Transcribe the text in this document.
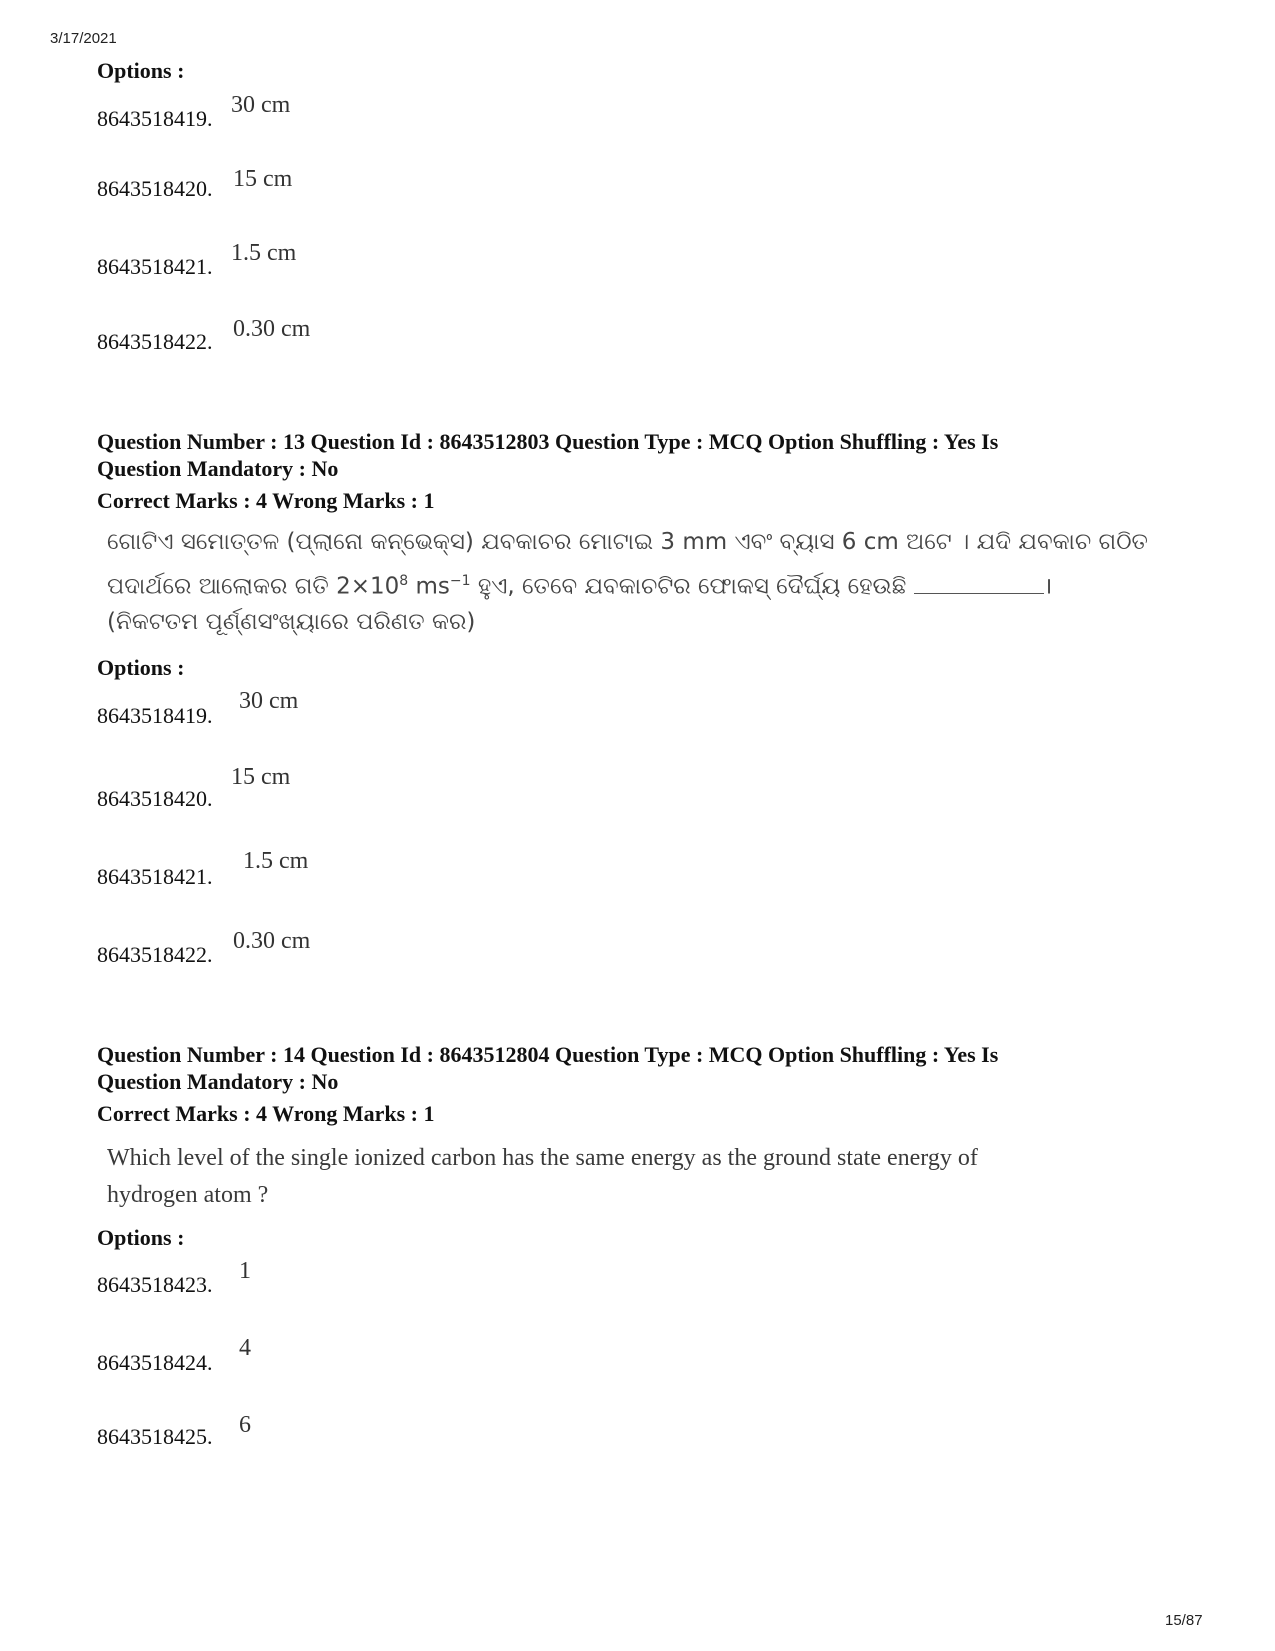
3/17/2021
15/87
Options :
8643518419.
30 cm
8643518420. 15 cm
8643518421.
1.5 cm
8643518422. 0.30 cm
Question Number : 13 Question Id : 8643512803 Question Type : MCQ Option Shuffling : Yes Is
Question Mandatory : No
Correct Marks : 4 Wrong Marks : 1
ଗୋଟିଏ ସମୋତ୍ତଳ (ପ୍ଲାନୋ କନ୍ଭେକ୍ସ) ଯବକାଚର ମୋଟାଇ 3 mm ଏବଂ ବ୍ୟାସ 6 cm ଅଟେ । ଯଦି ଯବକାଚ ଗଠିତ
ପଦାର୍ଥରେ ଆଲୋକର ଗତି $2\times 10^8$ $ms^{-1}$ ହୁଏ, ତେବେ ଯବକାଚଟିର ଫୋକସ୍ ଦୈର୍ଘ୍ୟ ହେଉଛି	।
(ନିକଟତମ ପୂର୍ଣ୍ଣସଂଖ୍ୟାରେ ପରିଣତ କର)
Options :
8643518419.
30 cm
8643518420.
15 cm
8643518421.
1.5 cm
8643518422.
0.30 cm
Question Number : 14 Question Id : 8643512804 Question Type : MCQ Option Shuffling : Yes Is
Question Mandatory : No
Correct Marks : 4 Wrong Marks : 1
Which level of the single ionized carbon has the same energy as the ground state energy of
hydrogen atom ?
Options :
8643518423.
1
8643518424.
4
8643518425. 6
